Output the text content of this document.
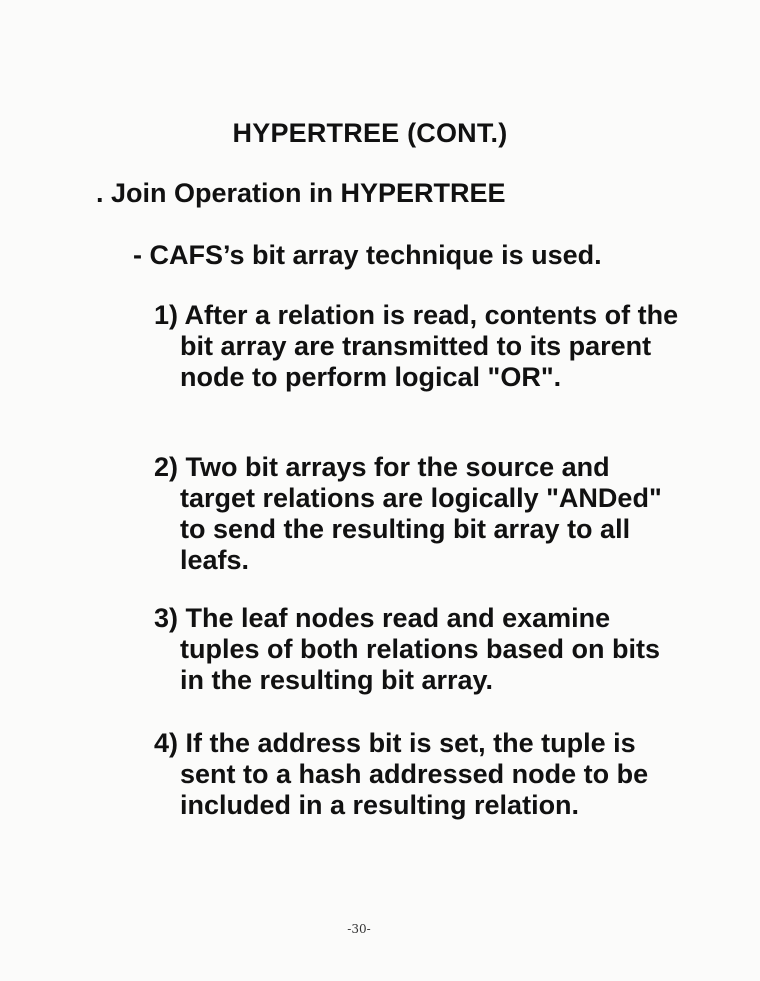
HYPERTREE (CONT.)
. Join Operation in HYPERTREE
- CAFS’s bit array technique is used.

1) After a relation is read, contents of the bit array are transmitted to its parent node to perform logical "OR".

2) Two bit arrays for the source and target relations are logically "ANDed" to send the resulting bit array to all leafs.

3) The leaf nodes read and examine tuples of both relations based on bits in the resulting bit array.

4) If the address bit is set, the tuple is sent to a hash addressed node to be included in a resulting relation.

-30-
